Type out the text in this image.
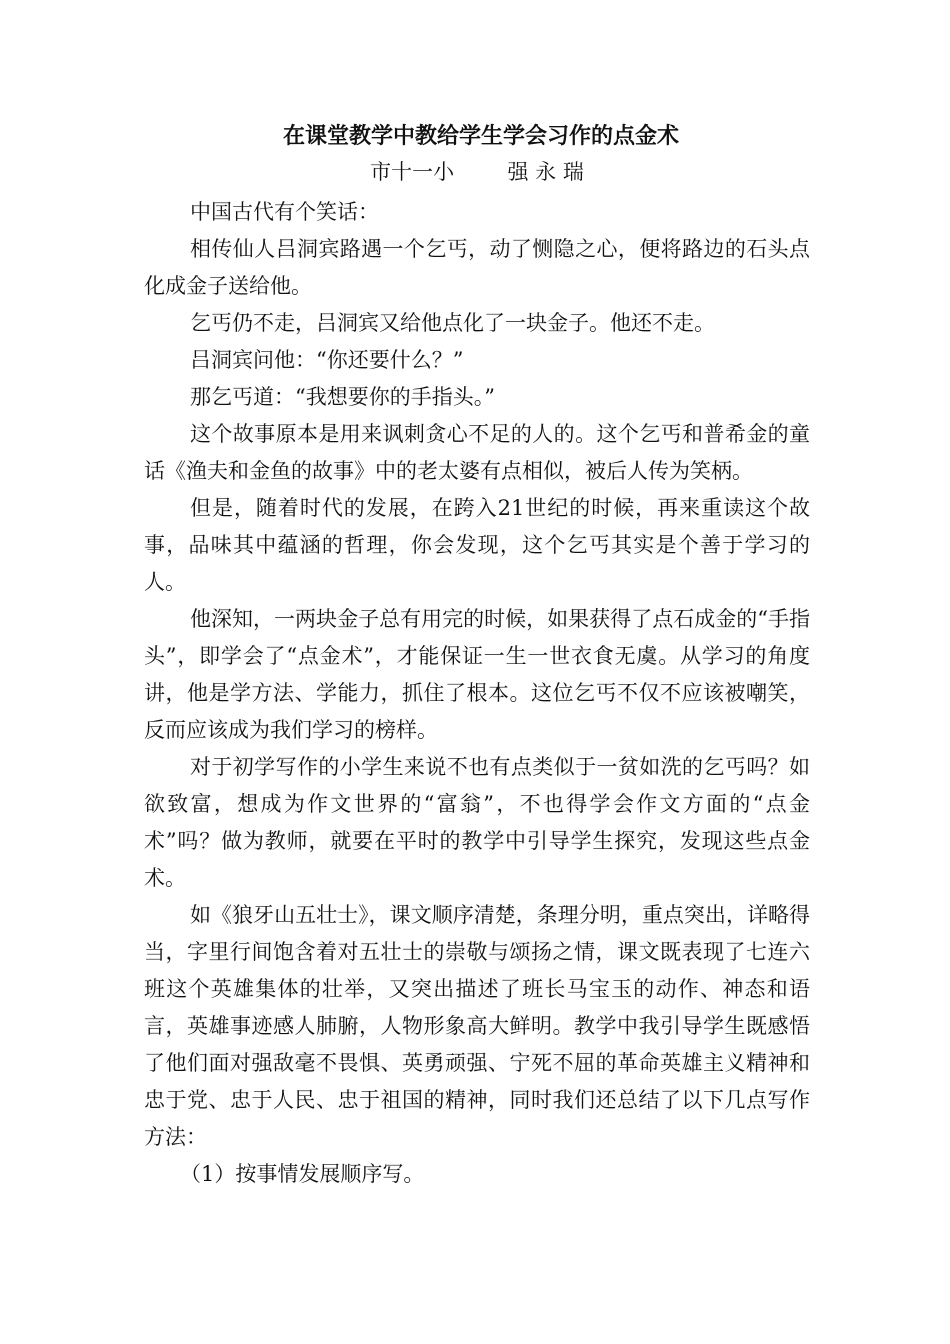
在课堂教学中教给学生学会习作的点金术
市十一小        强 永 瑞

中国古代有个笑话：

相传仙人吕洞宾路遇一个乞丐，动了恻隐之心，便将路边的石头点化成金子送给他。

乞丐仍不走，吕洞宾又给他点化了一块金子。他还不走。

吕洞宾问他：“你还要什么？”

那乞丐道：“我想要你的手指头。”

这个故事原本是用来讽刺贪心不足的人的。这个乞丐和普希金的童话《渔夫和金鱼的故事》中的老太婆有点相似，被后人传为笑柄。

但是，随着时代的发展，在跨入21世纪的时候，再来重读这个故事，品味其中蕴涵的哲理，你会发现，这个乞丐其实是个善于学习的人。

他深知，一两块金子总有用完的时候，如果获得了点石成金的“手指头”，即学会了“点金术”，才能保证一生一世衣食无虞。从学习的角度讲，他是学方法、学能力，抓住了根本。这位乞丐不仅不应该被嘲笑，反而应该成为我们学习的榜样。

对于初学写作的小学生来说不也有点类似于一贫如洗的乞丐吗？如欲致富，想成为作文世界的“富翁”，不也得学会作文方面的“点金术”吗？做为教师，就要在平时的教学中引导学生探究，发现这些点金术。

如《狼牙山五壮士》，课文顺序清楚，条理分明，重点突出，详略得当，字里行间饱含着对五壮士的崇敬与颂扬之情，课文既表现了七连六班这个英雄集体的壮举，又突出描述了班长马宝玉的动作、神态和语言，英雄事迹感人肺腑，人物形象高大鲜明。教学中我引导学生既感悟了他们面对强敌毫不畏惧、英勇顽强、宁死不屈的革命英雄主义精神和忠于党、忠于人民、忠于祖国的精神，同时我们还总结了以下几点写作方法：

（1）按事情发展顺序写。
